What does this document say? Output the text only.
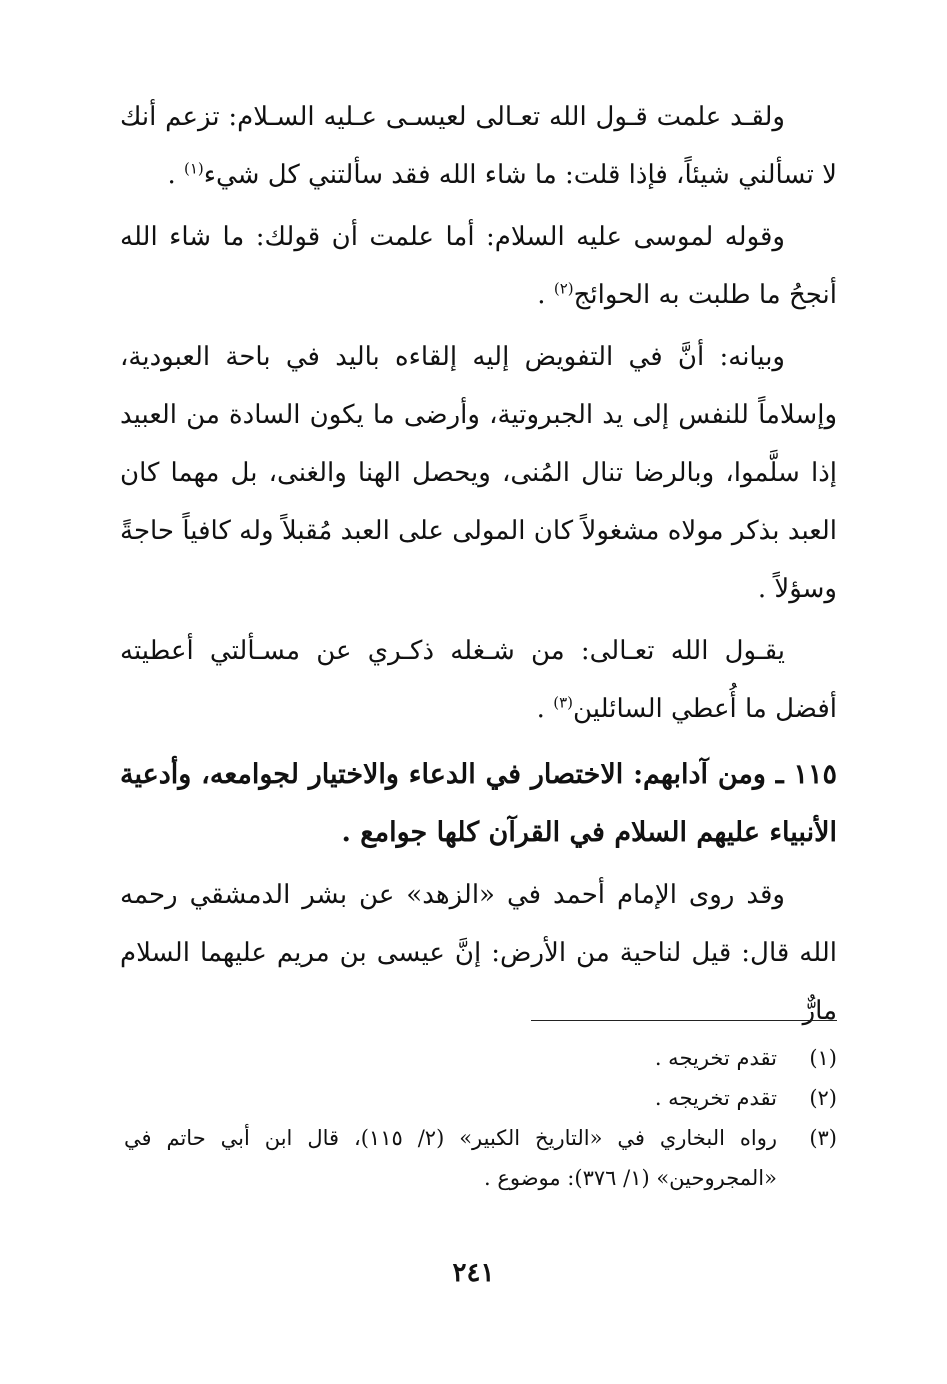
ولقـد علمت قـول الله تعـالى لعيسـى عـليه السـلام: تزعم أنك لا تسألني شيئاً، فإذا قلت: ما شاء الله فقد سألتني كل شيء$^{(١)}$ .

وقوله لموسى عليه السلام: أما علمت أن قولك: ما شاء الله أنجحُ ما طلبت به الحوائج$^{(٢)}$ .

وبيانه: أنَّ في التفويض إليه إلقاءه باليد في باحة العبودية، وإسلاماً للنفس إلى يد الجبروتية، وأرضى ما يكون السادة من العبيد إذا سلَّموا، وبالرضا تنال المُنى، ويحصل الهنا والغنى، بل مهما كان العبد بذكر مولاه مشغولاً كان المولى على العبد مُقبلاً وله كافياً حاجةً وسؤلاً .

يقـول الله تعـالى: من شـغله ذكـري عن مسـألتي أعطيته أفضل ما أُعطي السائلين$^{(٣)}$ .

١١٥ ـ ومن آدابهم: الاختصار في الدعاء والاختيار لجوامعه، وأدعية الأنبياء عليهم السلام في القرآن كلها جوامع .

وقد روى الإمام أحمد في «الزهد» عن بشر الدمشقي رحمه الله قال: قيل لناحية من الأرض: إنَّ عيسى بن مريم عليهما السلام مارٌّ

(١)
تقدم تخريجه .
(٢)
تقدم تخريجه .
(٣)
رواه البخاري في «التاريخ الكبير» (٢/ ١١٥)، قال ابن أبي حاتم في «المجروحين» (١/ ٣٧٦): موضوع .
٢٤١
